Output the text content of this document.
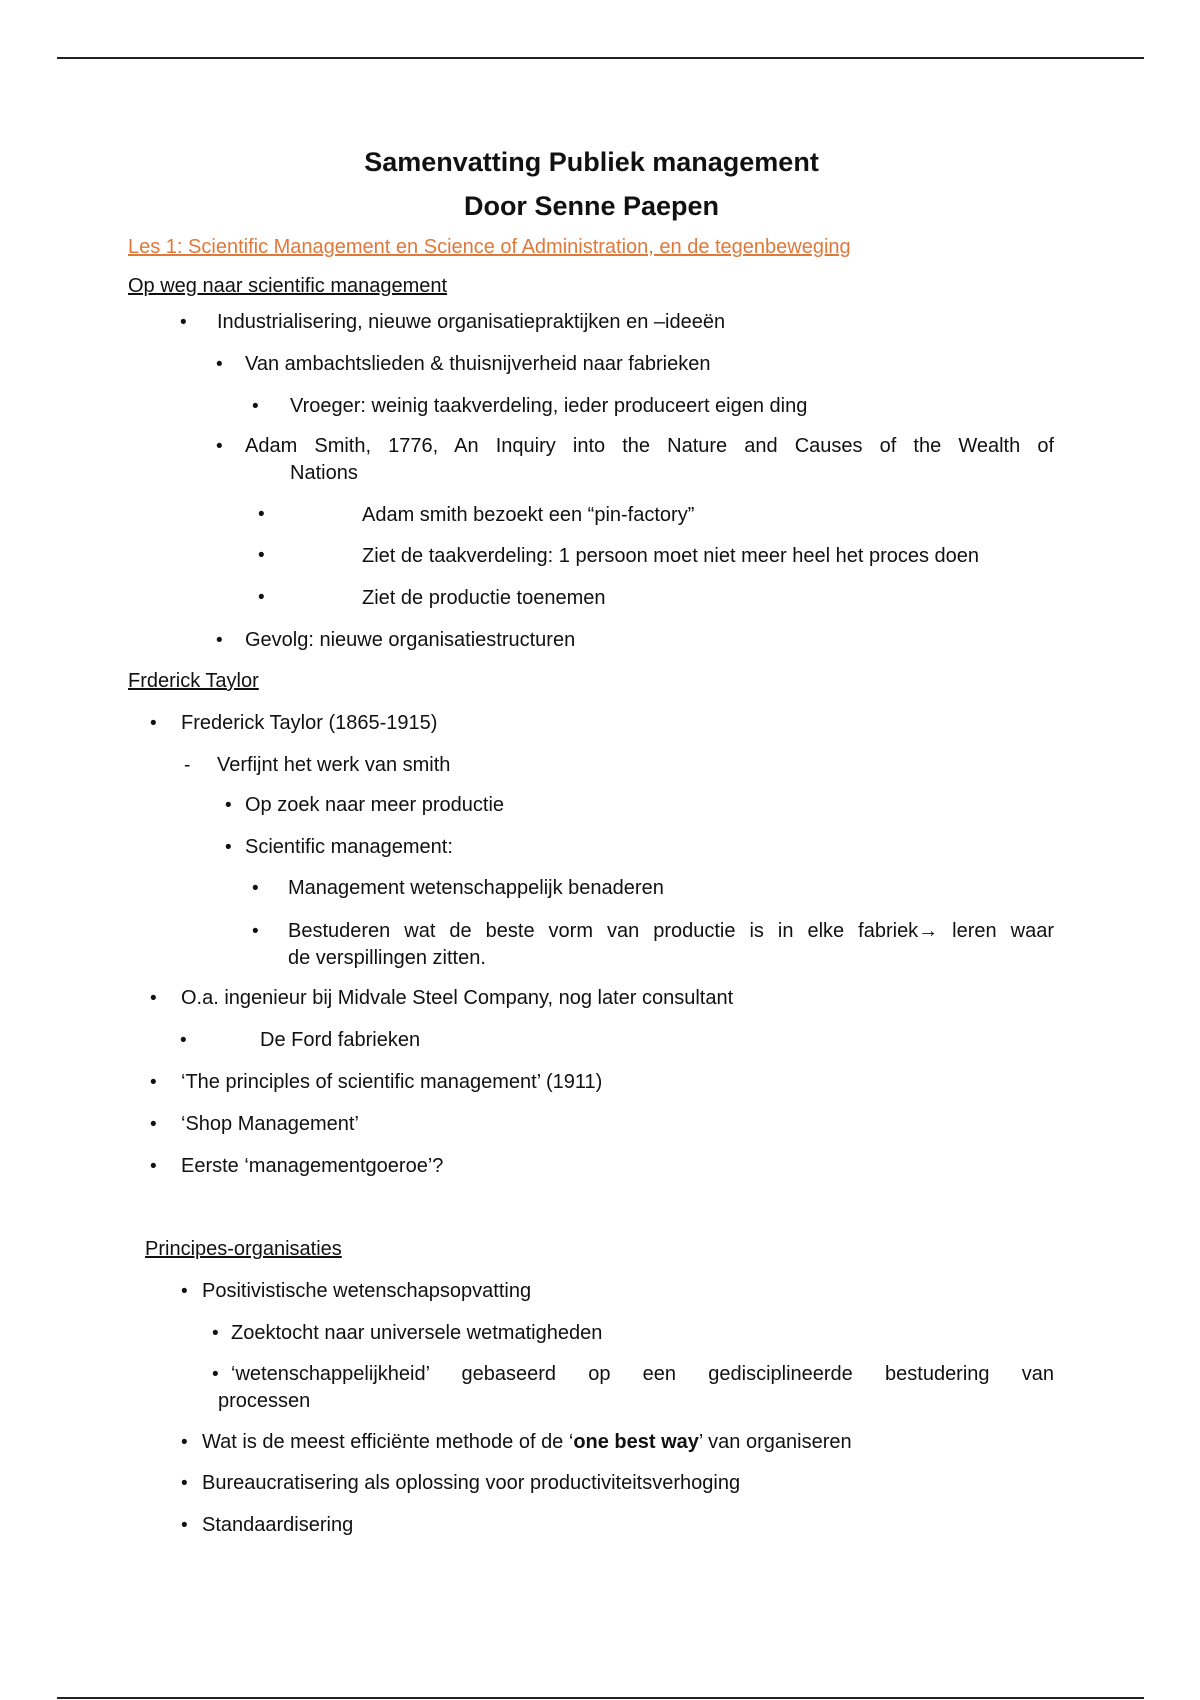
Samenvatting Publiek management
Door Senne Paepen
Les 1: Scientific Management en Science of Administration, en de tegenbeweging
Op weg naar scientific management
• Industrialisering, nieuwe organisatiepraktijken en –ideeën
• Van ambachtslieden & thuisnijverheid naar fabrieken
• Vroeger: weinig taakverdeling, ieder produceert eigen ding
• Adam Smith, 1776, An Inquiry into the Nature and Causes of the Wealth of
Nations
•	Adam smith bezoekt een “pin-factory”
•	Ziet de taakverdeling: 1 persoon moet niet meer heel het proces doen
•	Ziet de productie toenemen
• Gevolg: nieuwe organisatiestructuren
Frderick Taylor
• Frederick Taylor (1865-1915)
- Verfijnt het werk van smith
• Op zoek naar meer productie
• Scientific management:
• Management wetenschappelijk benaderen
• Bestuderen wat de beste vorm van productie is in elke fabriek→ leren waar
de verspillingen zitten.
• O.a. ingenieur bij Midvale Steel Company, nog later consultant
•	De Ford fabrieken
• ‘The principles of scientific management’ (1911)
• ‘Shop Management’
• Eerste ‘managementgoeroe’?
Principes-organisaties
• Positivistische wetenschapsopvatting
• Zoektocht naar universele wetmatigheden
• ‘wetenschappelijkheid’ gebaseerd op een gedisciplineerde bestudering van
processen
• Wat is de meest efficiënte methode of de ‘one best way’ van organiseren
• Bureaucratisering als oplossing voor productiviteitsverhoging
• Standaardisering
